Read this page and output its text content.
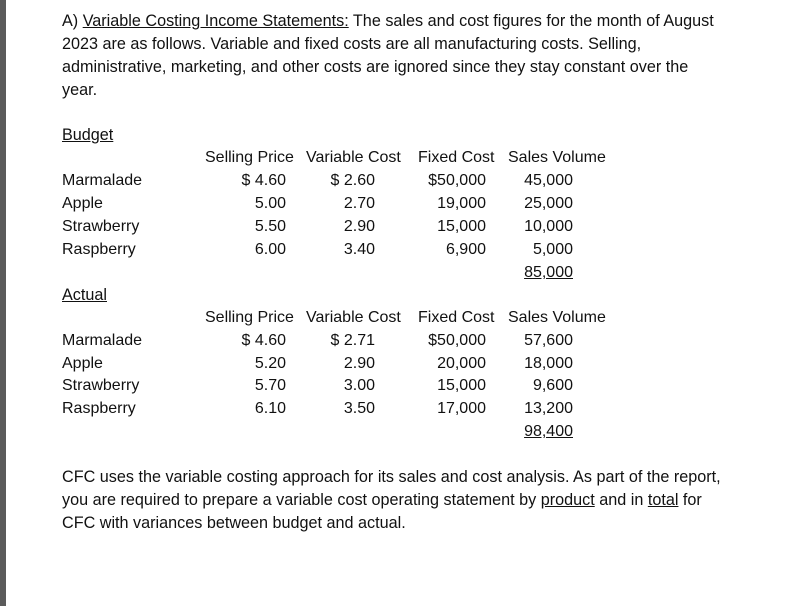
A) Variable Costing Income Statements: The sales and cost figures for the month of August
2023 are as follows. Variable and fixed costs are all manufacturing costs. Selling,
administrative, marketing, and other costs are ignored since they stay constant over the
year.
Budget
Selling Price Variable Cost Fixed Cost Sales Volume
Marmalade	$ 4.60	$ 2.60	$50,000 45,000
Apple	5.00	2.70	19,000 25,000
Strawberry	5.50	2.90	15,000 10,000
Raspberry	6.00	3.40	6,900	5,000
85,000
Actual
Selling Price Variable Cost Fixed Cost Sales Volume
Marmalade	$ 4.60	$ 2.71	$50,000 57,600
Apple	5.20	2.90	20,000 18,000
Strawberry	5.70	3.00	15,000	9,600
Raspberry	6.10	3.50	17,000 13,200
98,400
CFC uses the variable costing approach for its sales and cost analysis. As part of the report,
you are required to prepare a variable cost operating statement by product and in total for
CFC with variances between budget and actual.
